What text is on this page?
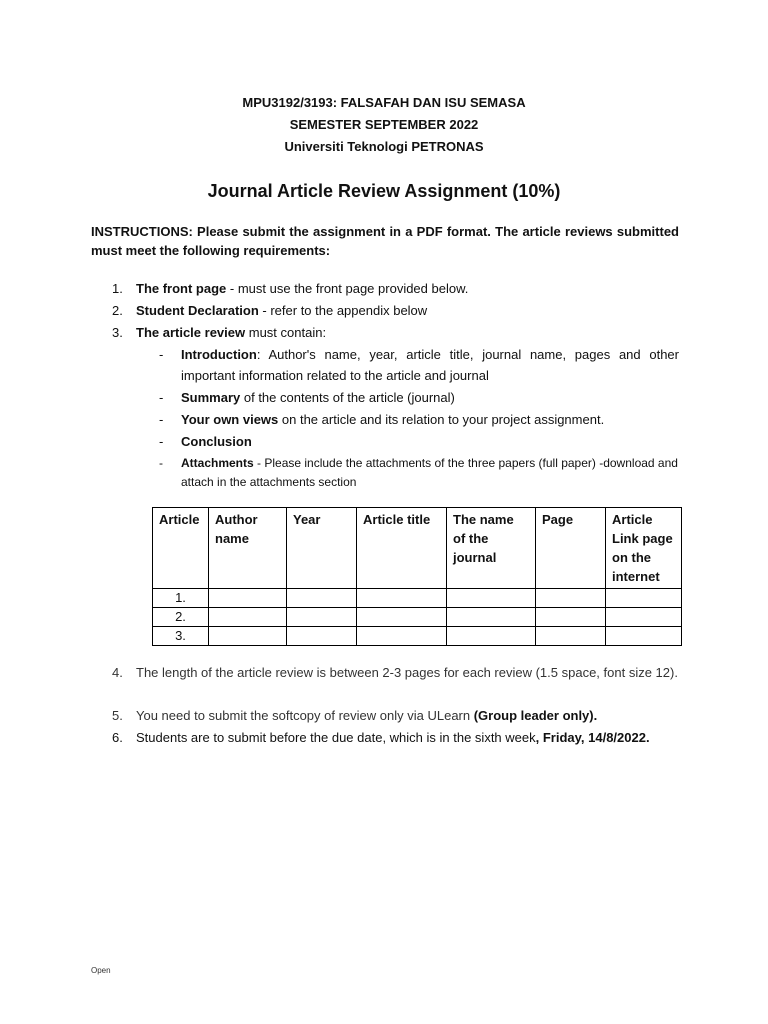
MPU3192/3193: FALSAFAH DAN ISU SEMASA
SEMESTER SEPTEMBER 2022
Universiti Teknologi PETRONAS
Journal Article Review Assignment (10%)
INSTRUCTIONS: Please submit the assignment in a PDF format. The article reviews submitted must meet the following requirements:
1. The front page - must use the front page provided below.
2. Student Declaration - refer to the appendix below
3. The article review must contain:
- Introduction: Author's name, year, article title, journal name, pages and other important information related to the article and journal
- Summary of the contents of the article (journal)
- Your own views on the article and its relation to your project assignment.
- Conclusion
- Attachments - Please include the attachments of the three papers (full paper) -download and attach in the attachments section
Article	Author name	Year	Article title	The name of the journal	Page	Article Link page on the internet
1.						
2.						
3.						
4. The length of the article review is between 2-3 pages for each review (1.5 space, font size 12).
5. You need to submit the softcopy of review only via ULearn (Group leader only).
6. Students are to submit before the due date, which is in the sixth week, Friday, 14/8/2022.
Open
